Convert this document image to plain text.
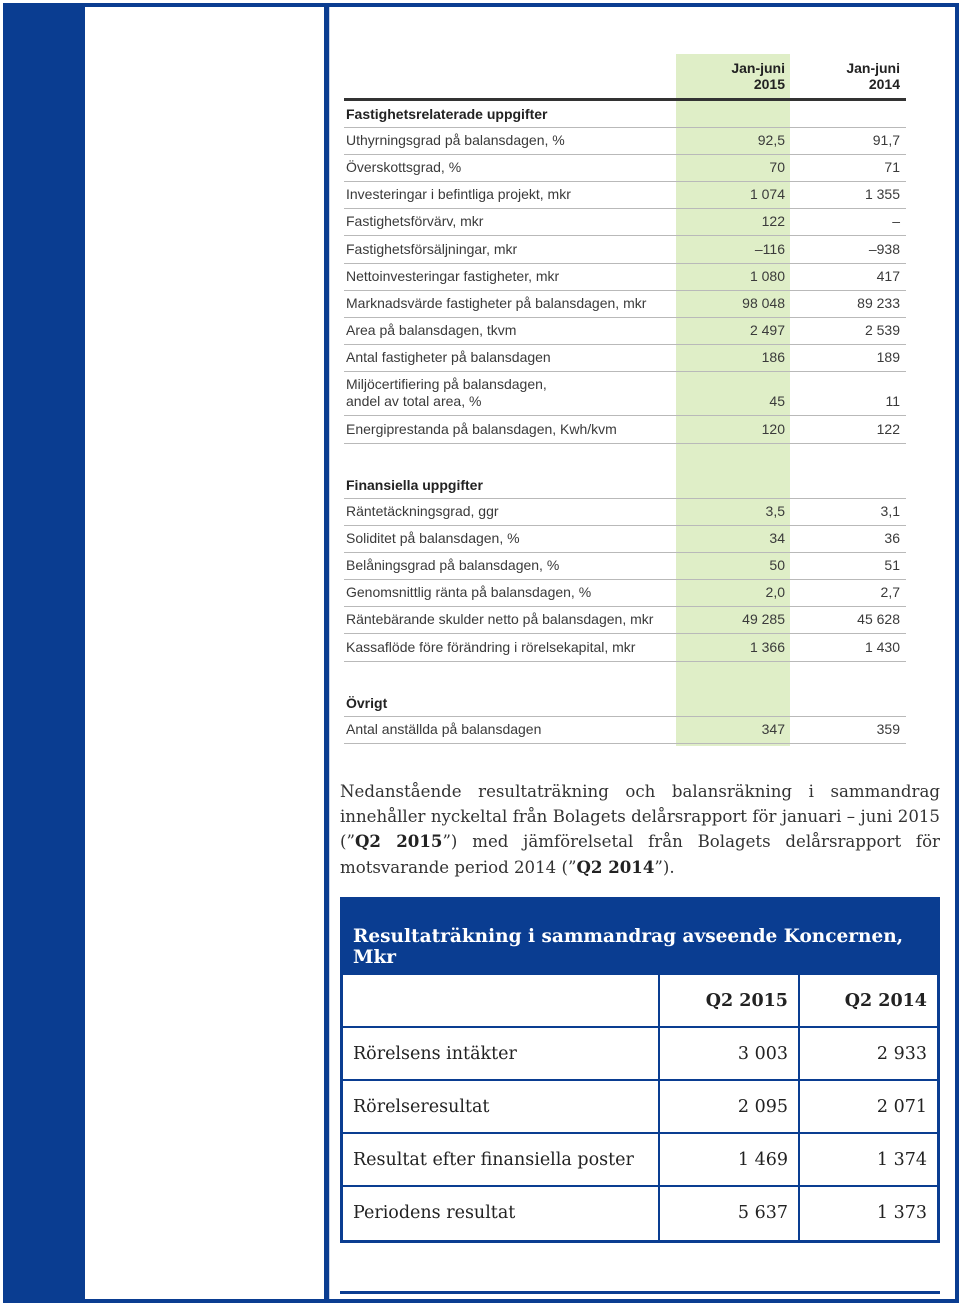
Jan-juni
2015
Jan-juni
2014
Fastighetsrelaterade uppgifter
Uthyrningsgrad på balansdagen, %	92,5	91,7
Överskottsgrad, %	70	71
Investeringar i befintliga projekt, mkr	1 074	1 355
Fastighetsförvärv, mkr	122	–
Fastighetsförsäljningar, mkr	–116	–938
Nettoinvesteringar fastigheter, mkr	1 080	417
Marknadsvärde fastigheter på balansdagen, mkr	98 048	89 233
Area på balansdagen, tkvm	2 497	2 539
Antal fastigheter på balansdagen	186	189
Miljöcertifiering på balansdagen,
andel av total area, %	45	11
Energiprestanda på balansdagen, Kwh/kvm	120	122
Finansiella uppgifter
Räntetäckningsgrad, ggr	3,5	3,1
Soliditet på balansdagen, %	34	36
Belåningsgrad på balansdagen, %	50	51
Genomsnittlig ränta på balansdagen, %	2,0	2,7
Räntebärande skulder netto på balansdagen, mkr	49 285	45 628
Kassaflöde före förändring i rörelsekapital, mkr	1 366	1 430
Övrigt
Antal anställda på balansdagen	347	359
Nedanstående resultaträkning och balansräkning i sammandrag innehåller nyckeltal från Bolagets delårsrapport för januari – juni 2015 (”Q2 2015”) med jämförelsetal från Bolagets delårsrapport för motsvarande period 2014 (”Q2 2014”).
Resultaträkning i sammandrag avseende Koncernen, Mkr
Q2 2015	Q2 2014
Rörelsens intäkter	3 003	2 933
Rörelseresultat	2 095	2 071
Resultat efter finansiella poster	1 469	1 374
Periodens resultat	5 637	1 373
